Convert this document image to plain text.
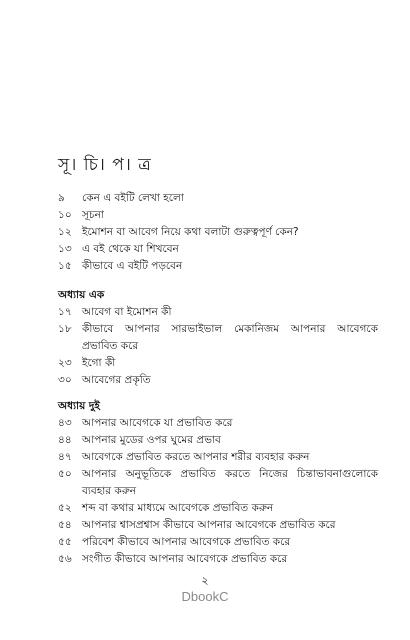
সূ। চি। প। ত্র
৯	কেন এ বইটি লেখা হলো
১০ সূচনা
১২ ইমোশন বা আবেগ নিয়ে কথা বলাটা গুরুত্বপূর্ণ কেন?
১৩ এ বই থেকে যা শিখবেন
১৫ কীভাবে এ বইটি পড়বেন
অধ্যায় এক
১৭ আবেগ বা ইমোশন কী
১৮ কীভাবে আপনার সারভাইভাল মেকানিজম আপনার আবেগকে
প্রভাবিত করে
২৩ ইগো কী
৩০ আবেগের প্রকৃতি
অধ্যায় দুই
৪৩ আপনার আবেগকে যা প্রভাবিত করে
৪৪ আপনার মুডের ওপর ঘুমের প্রভাব
৪৭ আবেগকে প্রভাবিত করতে আপনার শরীর ব্যবহার করুন
৫০ আপনার অনুভূতিকে প্রভাবিত করতে নিজের চিন্তাভাবনাগুলোকে
ব্যবহার করুন
৫২ শব্দ বা কথার মাধ্যমে আবেগকে প্রভাবিত করুন
৫৪ আপনার শ্বাসপ্রশ্বাস কীভাবে আপনার আবেগকে প্রভাবিত করে
৫৫ পরিবেশ কীভাবে আপনার আবেগকে প্রভাবিত করে
৫৬ সংগীত কীভাবে আপনার আবেগকে প্রভাবিত করে
২
DbookC
